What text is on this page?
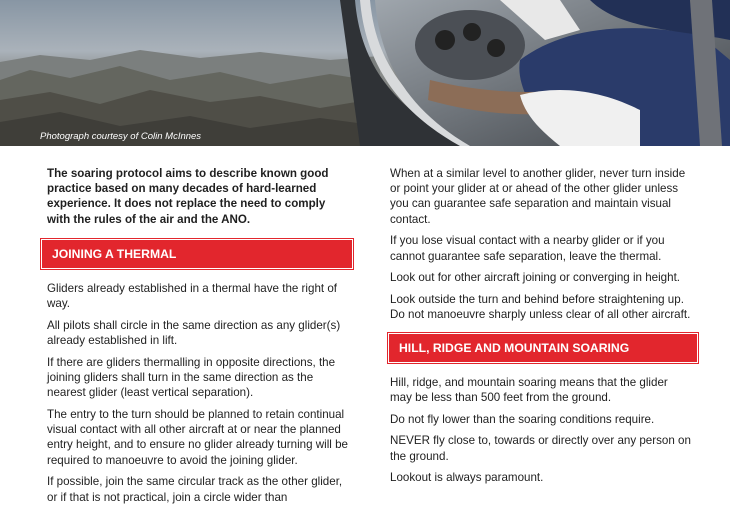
Photograph courtesy of Colin McInnes

The soaring protocol aims to describe known good practice based on many decades of hard-learned experience. It does not replace the need to comply with the rules of the air and the ANO.

JOINING A THERMAL

Gliders already established in a thermal have the right of way.

All pilots shall circle in the same direction as any glider(s) already established in lift.

If there are gliders thermalling in opposite directions, the joining gliders shall turn in the same direction as the nearest glider (least vertical separation).

The entry to the turn should be planned to retain continual visual contact with all other aircraft at or near the planned entry height, and to ensure no glider already turning will be required to manoeuvre to avoid the joining glider.

If possible, join the same circular track as the other glider, or if that is not practical, join a circle wider than

When at a similar level to another glider, never turn inside or point your glider at or ahead of the other glider unless you can guarantee safe separation and maintain visual contact.

If you lose visual contact with a nearby glider or if you cannot guarantee safe separation, leave the thermal.

Look out for other aircraft joining or converging in height.

Look outside the turn and behind before straightening up. Do not manoeuvre sharply unless clear of all other aircraft.

HILL, RIDGE AND MOUNTAIN SOARING

Hill, ridge, and mountain soaring means that the glider may be less than 500 feet from the ground.

Do not fly lower than the soaring conditions require.

NEVER fly close to, towards or directly over any person on the ground.

Lookout is always paramount.
